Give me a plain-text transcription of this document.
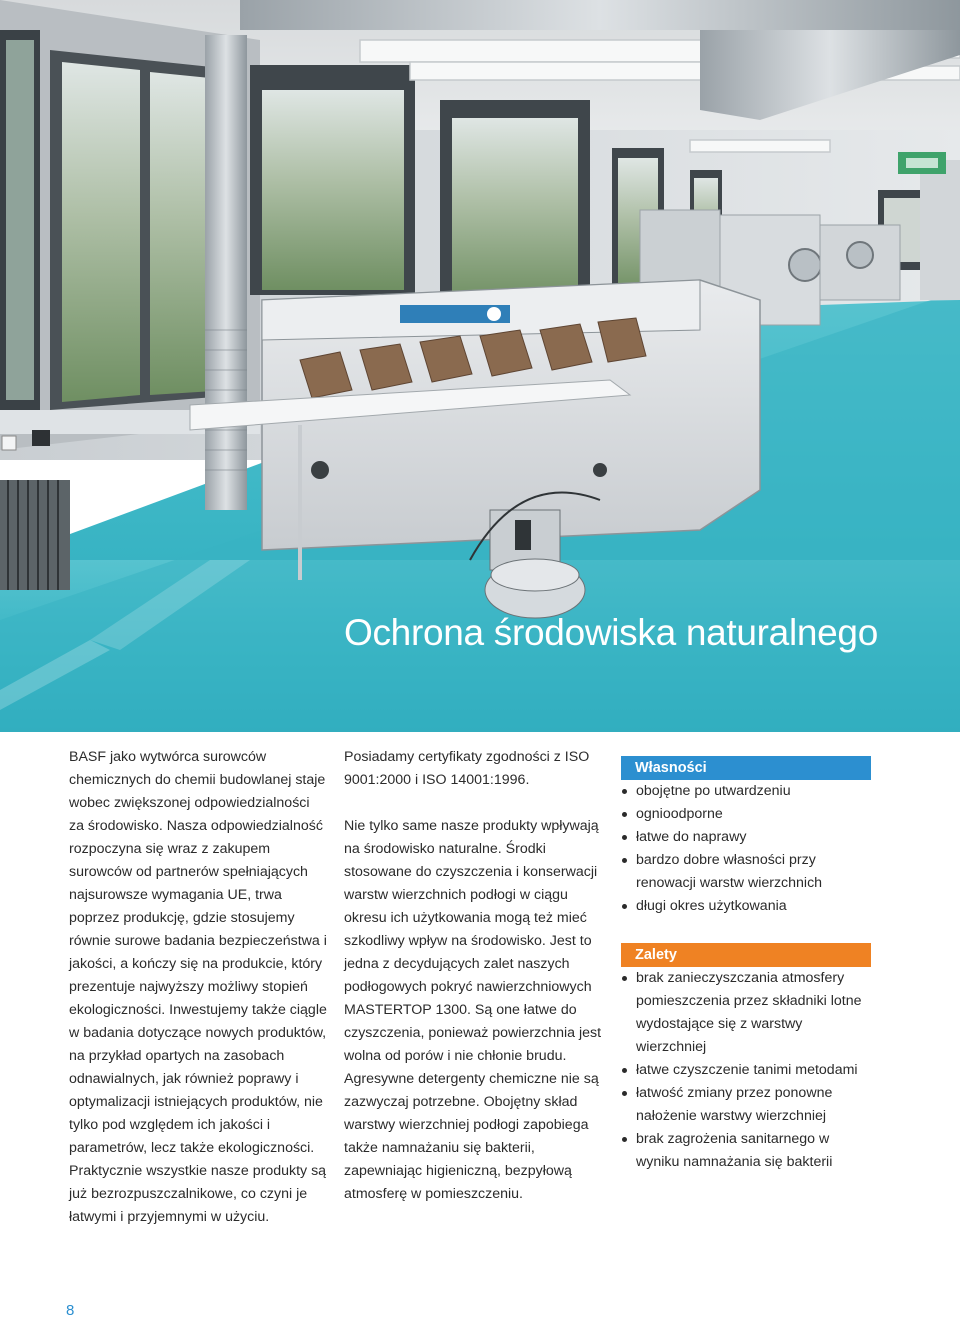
Ochrona środowiska naturalnego

BASF jako wytwórca surowców chemicznych do chemii budowlanej staje wobec zwiększonej odpowiedzialności za środowisko. Nasza odpowiedzialność rozpoczyna się wraz z zakupem surowców od partnerów spełniających najsurowsze wymagania UE, trwa poprzez produkcję, gdzie stosujemy równie surowe badania bezpieczeństwa i jakości, a kończy się na produkcie, który prezentuje najwyższy możliwy stopień ekologiczności. Inwestujemy także ciągle w badania dotyczące nowych produktów, na przykład opartych na zasobach odnawialnych, jak również poprawy i optymalizacji istniejących produktów, nie tylko pod względem ich jakości i parametrów, lecz także ekologiczności. Praktycznie wszystkie nasze produkty są już bezrozpuszczalnikowe, co czyni je łatwymi i przyjemnymi w użyciu.

Posiadamy certyfikaty zgodności z ISO 9001:2000 i ISO 14001:1996.

Nie tylko same nasze produkty wpływają na środowisko naturalne. Środki stosowane do czyszczenia i konserwacji warstw wierzchnich podłogi w ciągu okresu ich użytkowania mogą też mieć szkodliwy wpływ na środowisko. Jest to jedna z decydujących zalet naszych podłogowych pokryć nawierzchniowych MASTERTOP 1300. Są one łatwe do czyszczenia, ponieważ powierzchnia jest wolna od porów i nie chłonie brudu. Agresywne detergenty chemiczne nie są zazwyczaj potrzebne. Obojętny skład warstwy wierzchniej podłogi zapobiega także namnażaniu się bakterii, zapewniając higieniczną, bezpyłową atmosferę w pomieszczeniu.

Własności
obojętne po utwardzeniu
ognioodporne
łatwe do naprawy
bardzo dobre własności przy renowacji warstw wierzchnich
długi okres użytkowania
Zalety
brak zanieczyszczania atmosfery pomieszczenia przez składniki lotne wydostające się z warstwy wierzchniej
łatwe czyszczenie tanimi metodami
łatwość zmiany przez ponowne nałożenie warstwy wierzchniej
brak zagrożenia sanitarnego w wyniku namnażania się bakterii

8
